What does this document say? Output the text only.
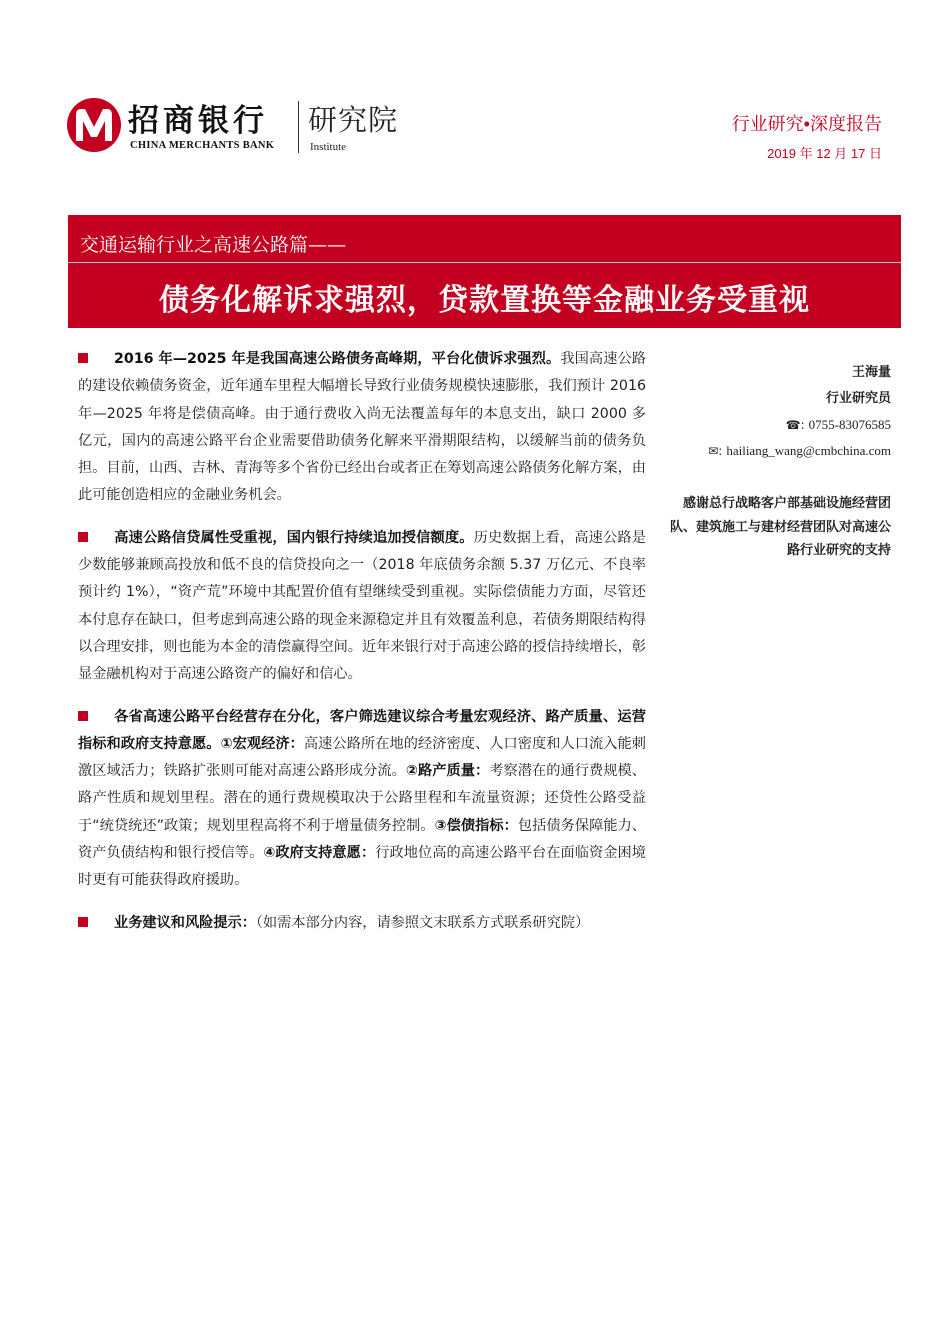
招商银行
CHINA MERCHANTS BANK
研究院
Institute
行业研究•深度报告
2019 年 12 月 17 日
交通运输行业之高速公路篇——
债务化解诉求强烈，贷款置换等金融业务受重视

2016 年—2025 年是我国高速公路债务高峰期，平台化债诉求强烈。我国高速公路的建设依赖债务资金，近年通车里程大幅增长导致行业债务规模快速膨胀，我们预计 2016 年—2025 年将是偿债高峰。由于通行费收入尚无法覆盖每年的本息支出，缺口 2000 多亿元，国内的高速公路平台企业需要借助债务化解来平滑期限结构，以缓解当前的债务负担。目前，山西、吉林、青海等多个省份已经出台或者正在筹划高速公路债务化解方案，由此可能创造相应的金融业务机会。

高速公路信贷属性受重视，国内银行持续追加授信额度。历史数据上看，高速公路是少数能够兼顾高投放和低不良的信贷投向之一（2018 年底债务余额 5.37 万亿元、不良率预计约 1%），“资产荒”环境中其配置价值有望继续受到重视。实际偿债能力方面，尽管还本付息存在缺口，但考虑到高速公路的现金来源稳定并且有效覆盖利息，若债务期限结构得以合理安排，则也能为本金的清偿赢得空间。近年来银行对于高速公路的授信持续增长，彰显金融机构对于高速公路资产的偏好和信心。

各省高速公路平台经营存在分化，客户筛选建议综合考量宏观经济、路产质量、运营指标和政府支持意愿。①宏观经济：高速公路所在地的经济密度、人口密度和人口流入能刺激区域活力；铁路扩张则可能对高速公路形成分流。②路产质量：考察潜在的通行费规模、路产性质和规划里程。潜在的通行费规模取决于公路里程和车流量资源；还贷性公路受益于“统贷统还”政策；规划里程高将不利于增量债务控制。③偿债指标：包括债务保障能力、资产负债结构和银行授信等。④政府支持意愿：行政地位高的高速公路平台在面临资金困境时更有可能获得政府援助。

业务建议和风险提示：（如需本部分内容，请参照文末联系方式联系研究院）

王海量
行业研究员
☎: 0755-83076585
✉: hailiang_wang@cmbchina.com
感谢总行战略客户部基础设施经营团队、建筑施工与建材经营团队对高速公路行业研究的支持
